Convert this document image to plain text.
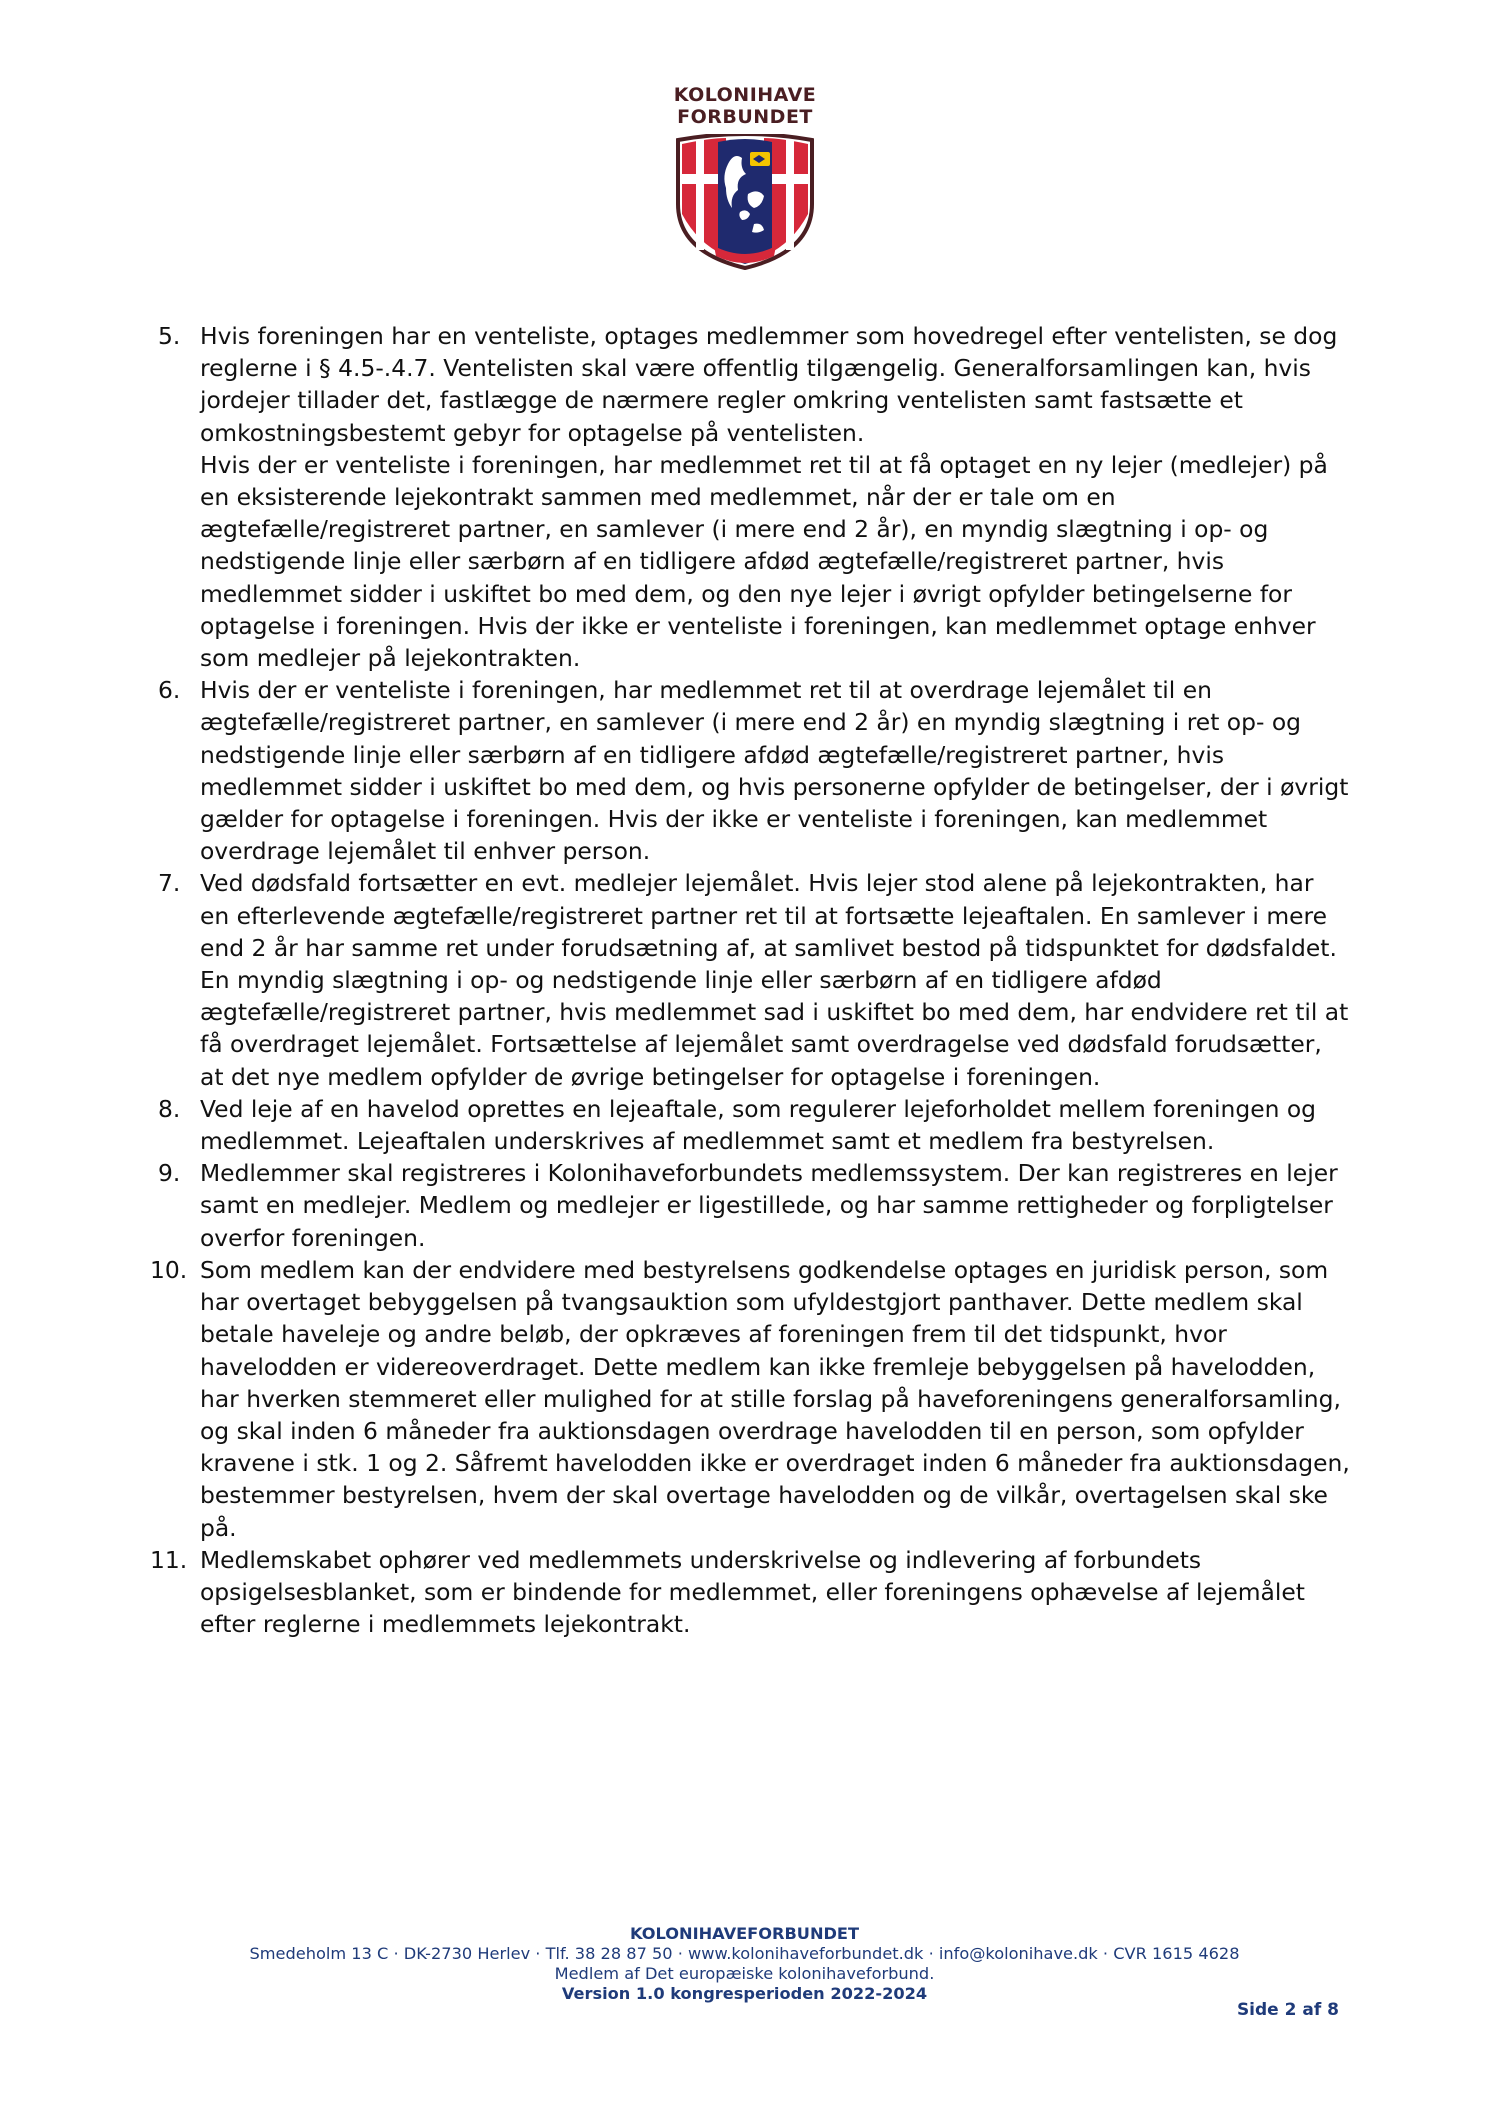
KOLONIHAVE
FORBUNDET
5. Hvis foreningen har en venteliste, optages medlemmer som hovedregel efter ventelisten, se dog reglerne i § 4.5-.4.7. Ventelisten skal være offentlig tilgængelig. Generalforsamlingen kan, hvis jordejer tillader det, fastlægge de nærmere regler omkring ventelisten samt fastsætte et omkostningsbestemt gebyr for optagelse på ventelisten.
Hvis der er venteliste i foreningen, har medlemmet ret til at få optaget en ny lejer (medlejer) på en eksisterende lejekontrakt sammen med medlemmet, når der er tale om en ægtefælle/registreret partner, en samlever (i mere end 2 år), en myndig slægtning i op- og nedstigende linje eller særbørn af en tidligere afdød ægtefælle/registreret partner, hvis medlemmet sidder i uskiftet bo med dem, og den nye lejer i øvrigt opfylder betingelserne for optagelse i foreningen. Hvis der ikke er venteliste i foreningen, kan medlemmet optage enhver som medlejer på lejekontrakten.
6. Hvis der er venteliste i foreningen, har medlemmet ret til at overdrage lejemålet til en ægtefælle/registreret partner, en samlever (i mere end 2 år) en myndig slægtning i ret op- og nedstigende linje eller særbørn af en tidligere afdød ægtefælle/registreret partner, hvis medlemmet sidder i uskiftet bo med dem, og hvis personerne opfylder de betingelser, der i øvrigt gælder for optagelse i foreningen. Hvis der ikke er venteliste i foreningen, kan medlemmet overdrage lejemålet til enhver person.
7. Ved dødsfald fortsætter en evt. medlejer lejemålet. Hvis lejer stod alene på lejekontrakten, har en efterlevende ægtefælle/registreret partner ret til at fortsætte lejeaftalen. En samlever i mere end 2 år har samme ret under forudsætning af, at samlivet bestod på tidspunktet for dødsfaldet. En myndig slægtning i op- og nedstigende linje eller særbørn af en tidligere afdød ægtefælle/registreret partner, hvis medlemmet sad i uskiftet bo med dem, har endvidere ret til at få overdraget lejemålet. Fortsættelse af lejemålet samt overdragelse ved dødsfald forudsætter, at det nye medlem opfylder de øvrige betingelser for optagelse i foreningen.
8. Ved leje af en havelod oprettes en lejeaftale, som regulerer lejeforholdet mellem foreningen og medlemmet. Lejeaftalen underskrives af medlemmet samt et medlem fra bestyrelsen.
9. Medlemmer skal registreres i Kolonihaveforbundets medlemssystem. Der kan registreres en lejer samt en medlejer. Medlem og medlejer er ligestillede, og har samme rettigheder og forpligtelser overfor foreningen.
10. Som medlem kan der endvidere med bestyrelsens godkendelse optages en juridisk person, som har overtaget bebyggelsen på tvangsauktion som ufyldestgjort panthaver. Dette medlem skal betale haveleje og andre beløb, der opkræves af foreningen frem til det tidspunkt, hvor havelodden er videreoverdraget. Dette medlem kan ikke fremleje bebyggelsen på havelodden, har hverken stemmeret eller mulighed for at stille forslag på haveforeningens generalforsamling, og skal inden 6 måneder fra auktionsdagen overdrage havelodden til en person, som opfylder kravene i stk. 1 og 2. Såfremt havelodden ikke er overdraget inden 6 måneder fra auktionsdagen, bestemmer bestyrelsen, hvem der skal overtage havelodden og de vilkår, overtagelsen skal ske på.
11. Medlemskabet ophører ved medlemmets underskrivelse og indlevering af forbundets opsigelsesblanket, som er bindende for medlemmet, eller foreningens ophævelse af lejemålet efter reglerne i medlemmets lejekontrakt.
KOLONIHAVEFORBUNDET
Smedeholm 13 C · DK-2730 Herlev · Tlf. 38 28 87 50 · www.kolonihaveforbundet.dk · info@kolonihave.dk · CVR 1615 4628
Medlem af Det europæiske kolonihaveforbund.
Version 1.0 kongresperioden 2022-2024
Side 2 af 8
